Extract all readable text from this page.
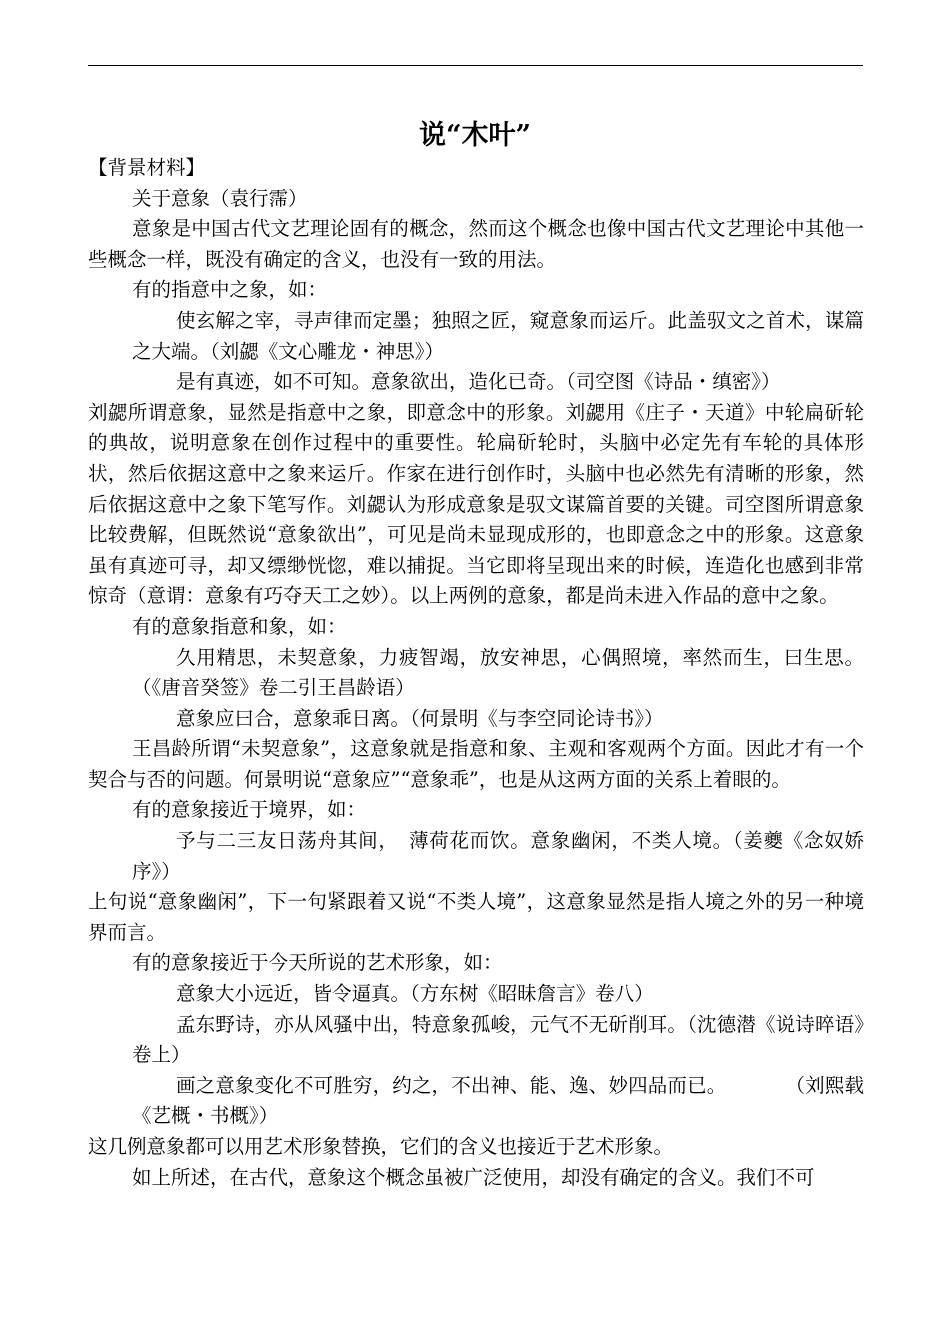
说“木叶”

【背景材料】

关于意象（袁行霈）

意象是中国古代文艺理论固有的概念，然而这个概念也像中国古代文艺理论中其他一些概念一样，既没有确定的含义，也没有一致的用法。

有的指意中之象，如：

使玄解之宰，寻声律而定墨；独照之匠，窥意象而运斤。此盖驭文之首术，谋篇之大端。（刘勰《文心雕龙・神思》）

是有真迹，如不可知。意象欲出，造化已奇。（司空图《诗品・缜密》）

刘勰所谓意象，显然是指意中之象，即意念中的形象。刘勰用《庄子・天道》中轮扁斫轮的典故，说明意象在创作过程中的重要性。轮扁斫轮时，头脑中必定先有车轮的具体形状，然后依据这意中之象来运斤。作家在进行创作时，头脑中也必然先有清晰的形象，然后依据这意中之象下笔写作。刘勰认为形成意象是驭文谋篇首要的关键。司空图所谓意象比较费解，但既然说“意象欲出”，可见是尚未显现成形的，也即意念之中的形象。这意象虽有真迹可寻，却又缥缈恍惚，难以捕捉。当它即将呈现出来的时候，连造化也感到非常惊奇（意谓：意象有巧夺天工之妙）。以上两例的意象，都是尚未进入作品的意中之象。

有的意象指意和象，如：

久用精思，未契意象，力疲智竭，放安神思，心偶照境，率然而生，曰生思。（《唐音癸签》卷二引王昌龄语）

意象应曰合，意象乖日离。（何景明《与李空同论诗书》）

王昌龄所谓“未契意象”，这意象就是指意和象、主观和客观两个方面。因此才有一个契合与否的问题。何景明说“意象应”“意象乖”，也是从这两方面的关系上着眼的。

有的意象接近于境界，如：

予与二三友日荡舟其间，　薄荷花而饮。意象幽闲，不类人境。（姜夔《念奴娇序》）

上句说“意象幽闲”，下一句紧跟着又说“不类人境”，这意象显然是指人境之外的另一种境界而言。

有的意象接近于今天所说的艺术形象，如：

意象大小远近，皆令逼真。（方东树《昭昧詹言》卷八）

孟东野诗，亦从风骚中出，特意象孤峻，元气不无斫削耳。（沈德潜《说诗晬语》卷上）

画之意象变化不可胜穷，约之，不出神、能、逸、妙四品而已。　　　　（刘熙载《艺概・书概》）

这几例意象都可以用艺术形象替换，它们的含义也接近于艺术形象。

如上所述，在古代，意象这个概念虽被广泛使用，却没有确定的含义。我们不可
